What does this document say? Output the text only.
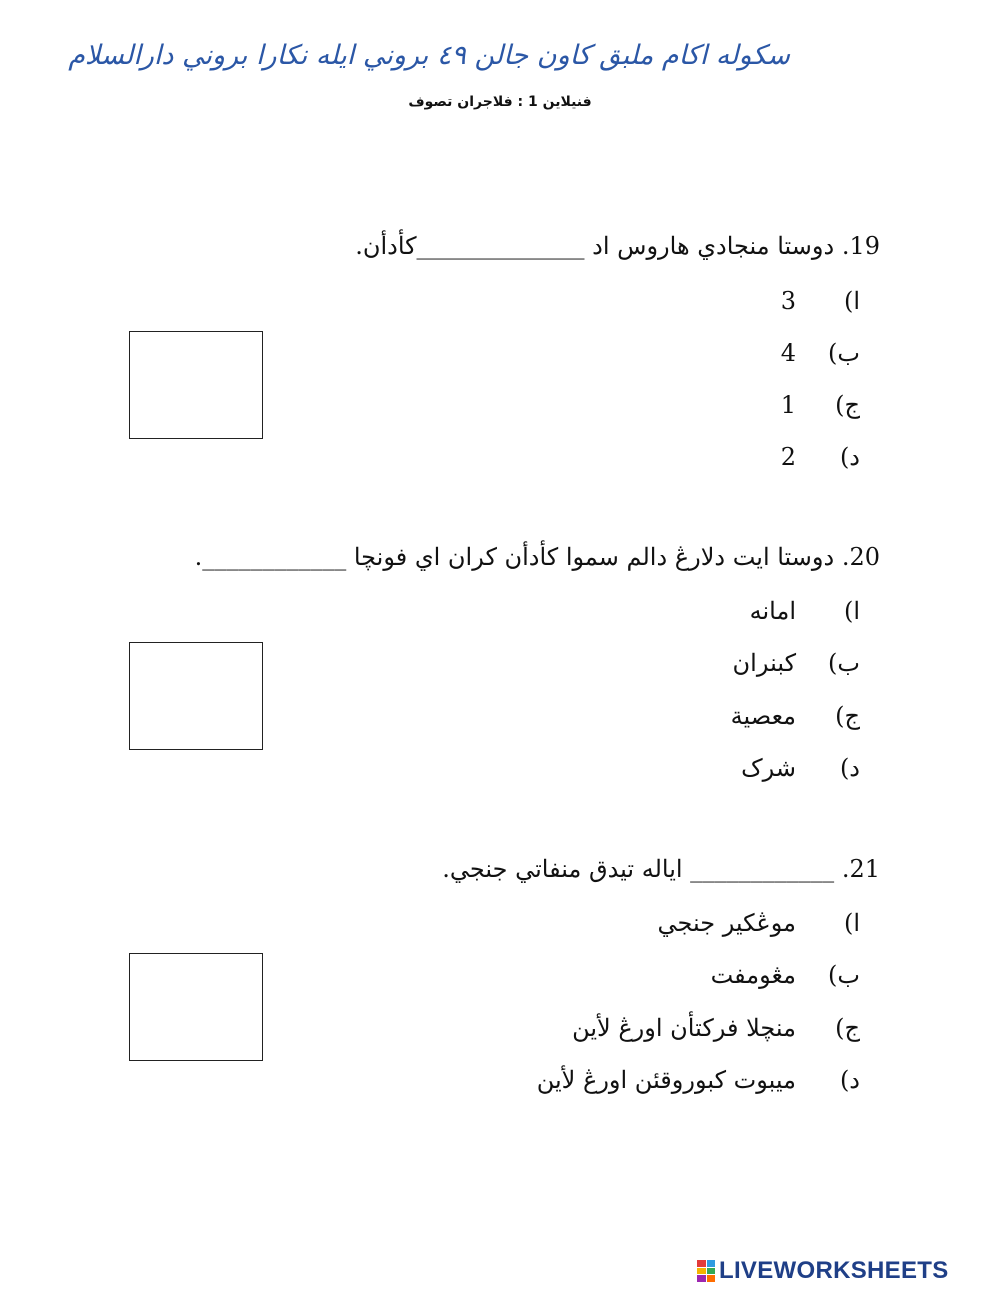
سكوله اكام ملبق كاون جالن ٤٩ بروني ايله نكارا بروني دارالسلام
فنيلاين 1 : فلاجران تصوف
19. دوستا منجادي هاروس اد ______________كأدأن.
ا)
3
ب)
4
ج)
1
د)
2
20. دوستا ايت دلارڠ دالم سموا كأدأن كران اي فونچا ____________.
ا)
امانه
ب)
كبنران
ج)
معصية
د)
شرک
21. ____________ اياله تيدق منفاتي جنجي.
ا)
موڠكير جنجي
ب)
مڠومفت
ج)
منچلا فركتأن اورڠ لأين
د)
ميبوت كبوروقئن اورڠ لأين
LIVEWORKSHEETS
